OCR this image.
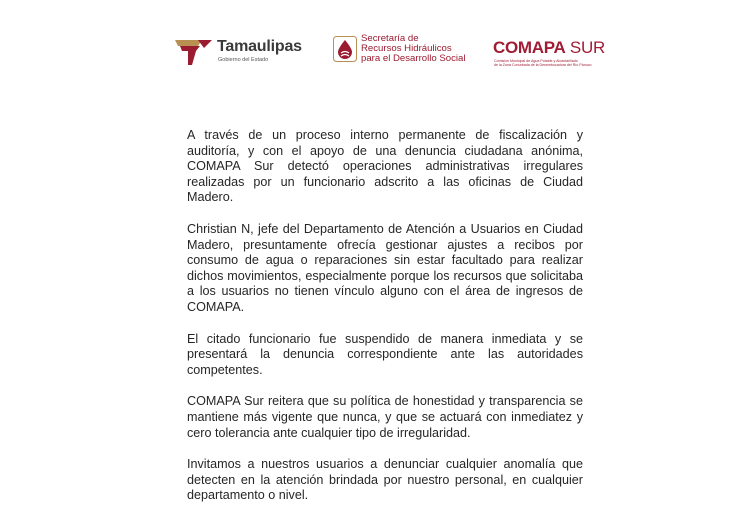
Tamaulipas
Gobierno del Estado
Secretaría de
Recursos Hidráulicos
para el Desarrollo Social
COMAPA SUR
Comisión Municipal de Agua Potable y Alcantarillado
de la Zona Conurbada de la Desembocadura del Río Pánuco

A través de un proceso interno permanente de fiscalización y auditoría, y con el apoyo de una denuncia ciudadana anónima, COMAPA Sur detectó operaciones administrativas irregulares realizadas por un funcionario adscrito a las oficinas de Ciudad Madero.

Christian N, jefe del Departamento de Atención a Usuarios en Ciudad Madero, presuntamente ofrecía gestionar ajustes a recibos por consumo de agua o reparaciones sin estar facultado para realizar dichos movimientos, especialmente porque los recursos que solicitaba a los usuarios no tienen vínculo alguno con el área de ingresos de COMAPA.

El citado funcionario fue suspendido de manera inmediata y se presentará la denuncia correspondiente ante las autoridades competentes.

COMAPA Sur reitera que su política de honestidad y transparencia se mantiene más vigente que nunca, y que se actuará con inmediatez y cero tolerancia ante cualquier tipo de irregularidad.

Invitamos a nuestros usuarios a denunciar cualquier anomalía que detecten en la atención brindada por nuestro personal, en cualquier departamento o nivel.
